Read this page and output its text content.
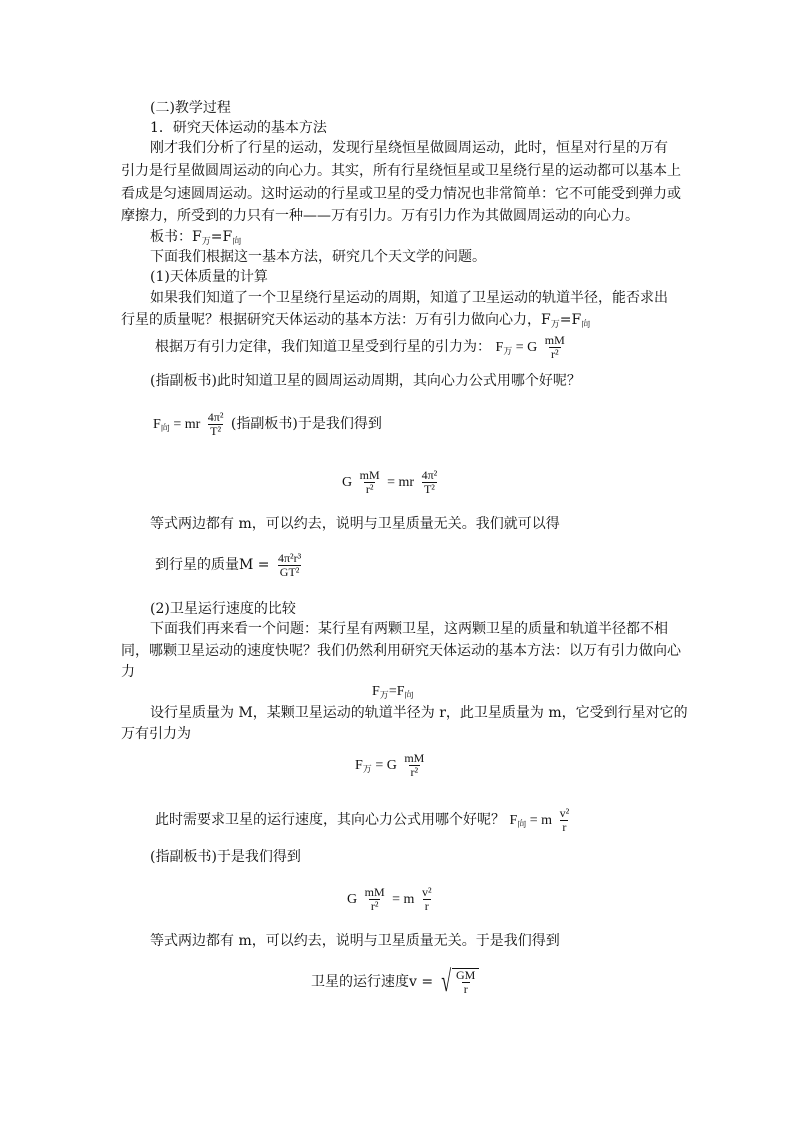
(二)教学过程
1．研究天体运动的基本方法
刚才我们分析了行星的运动，发现行星绕恒星做圆周运动，此时，恒星对行星的万有
引力是行星做圆周运动的向心力。其实，所有行星绕恒星或卫星绕行星的运动都可以基本上
看成是匀速圆周运动。这时运动的行星或卫星的受力情况也非常简单：它不可能受到弹力或
摩擦力，所受到的力只有一种——万有引力。万有引力作为其做圆周运动的向心力。
板书：$F_万=F_向$
下面我们根据这一基本方法，研究几个天文学的问题。
(1)天体质量的计算
如果我们知道了一个卫星绕行星运动的周期，知道了卫星运动的轨道半径，能否求出
行星的质量呢？根据研究天体运动的基本方法：万有引力做向心力，$F_万=F_向$
根据万有引力定律，我们知道卫星受到行星的引力为： $F_万 = G \frac{mM}{\text{r²}}$
(指副板书)此时知道卫星的圆周运动周期，其向心力公式用哪个好呢？
$F_向$ = mr $\frac{\text{4π²}}{\text{T²}}$ (指副板书)于是我们得到
G $\frac{mM}{\text{r²}}$ = mr $\frac{\text{4π²}}{\text{T²}}$
等式两边都有 m，可以约去，说明与卫星质量无关。我们就可以得
到行星的质量$M = \frac{\text{4π²r³}}{\text{GT²}}$
(2)卫星运行速度的比较
下面我们再来看一个问题：某行星有两颗卫星，这两颗卫星的质量和轨道半径都不相
同，哪颗卫星运动的速度快呢？我们仍然利用研究天体运动的基本方法：以万有引力做向心
力
$F_万=F_向$
设行星质量为 M，某颗卫星运动的轨道半径为 r，此卫星质量为 m，它受到行星对它的
万有引力为
$F_万 = G \frac{mM}{\text{r²}}$
此时需要求卫星的运行速度，其向心力公式用哪个好呢？ $F_向 = m \frac{\text{v²}}{r}$
(指副板书)于是我们得到
G $\frac{mM}{\text{r²}} = m \frac{\text{v²}}{r}$
等式两边都有 m，可以约去，说明与卫星质量无关。于是我们得到
卫星的运行速度v = √ $\frac{GM}{r}$
